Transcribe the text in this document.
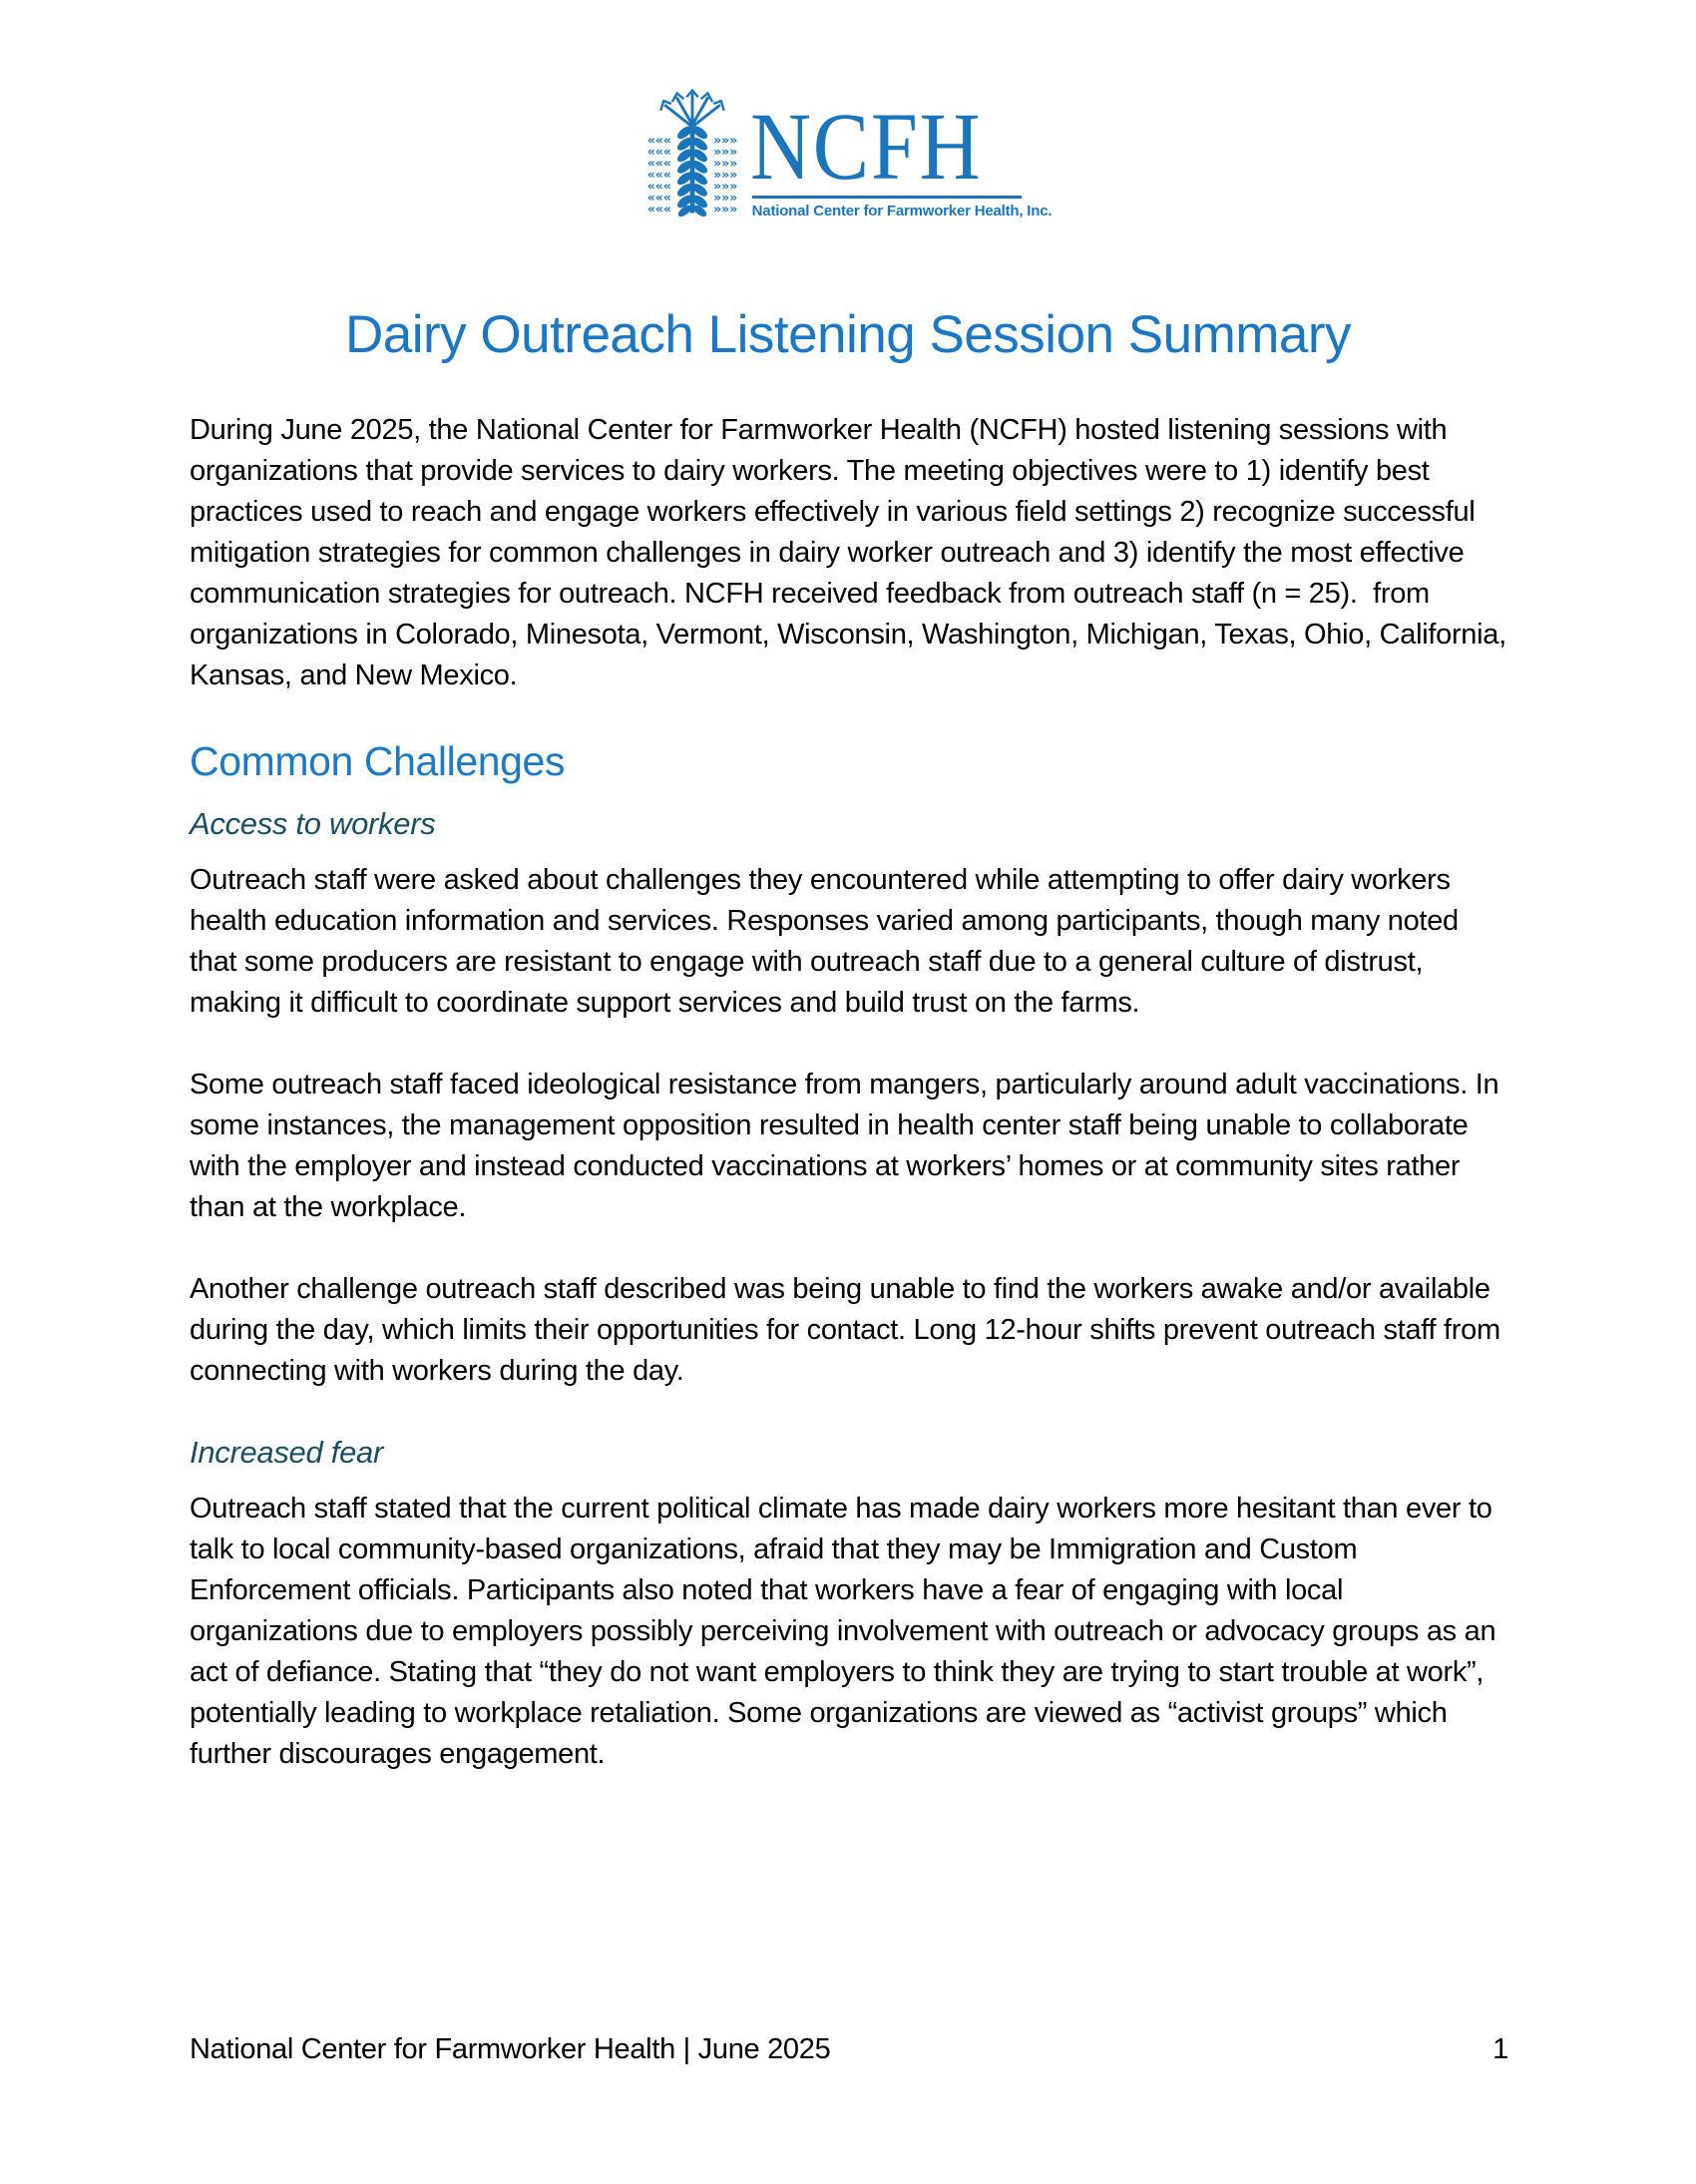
«««	»»»
«««	»»»
«««	»»»
«««	»»»
«««	»»»
«««	»»»
«««	»»»
NCFH
National Center for Farmworker Health, Inc.
Dairy Outreach Listening Session Summary

During June 2025, the National Center for Farmworker Health (NCFH) hosted listening sessions with organizations that provide services to dairy workers. The meeting objectives were to 1) identify best practices used to reach and engage workers effectively in various field settings 2) recognize successful mitigation strategies for common challenges in dairy worker outreach and 3) identify the most effective communication strategies for outreach. NCFH received feedback from outreach staff (n = 25).  from organizations in Colorado, Minesota, Vermont, Wisconsin, Washington, Michigan, Texas, Ohio, California, Kansas, and New Mexico.

Common Challenges
Access to workers

Outreach staff were asked about challenges they encountered while attempting to offer dairy workers health education information and services. Responses varied among participants, though many noted that some producers are resistant to engage with outreach staff due to a general culture of distrust, making it difficult to coordinate support services and build trust on the farms.

Some outreach staff faced ideological resistance from mangers, particularly around adult vaccinations. In some instances, the management opposition resulted in health center staff being unable to collaborate with the employer and instead conducted vaccinations at workers’ homes or at community sites rather than at the workplace.

Another challenge outreach staff described was being unable to find the workers awake and/or available during the day, which limits their opportunities for contact. Long 12-hour shifts prevent outreach staff from connecting with workers during the day.

Increased fear

Outreach staff stated that the current political climate has made dairy workers more hesitant than ever to talk to local community-based organizations, afraid that they may be Immigration and Custom Enforcement officials. Participants also noted that workers have a fear of engaging with local organizations due to employers possibly perceiving involvement with outreach or advocacy groups as an act of defiance. Stating that “they do not want employers to think they are trying to start trouble at work”, potentially leading to workplace retaliation. Some organizations are viewed as “activist groups” which further discourages engagement.

National Center for Farmworker Health | June 2025	1
